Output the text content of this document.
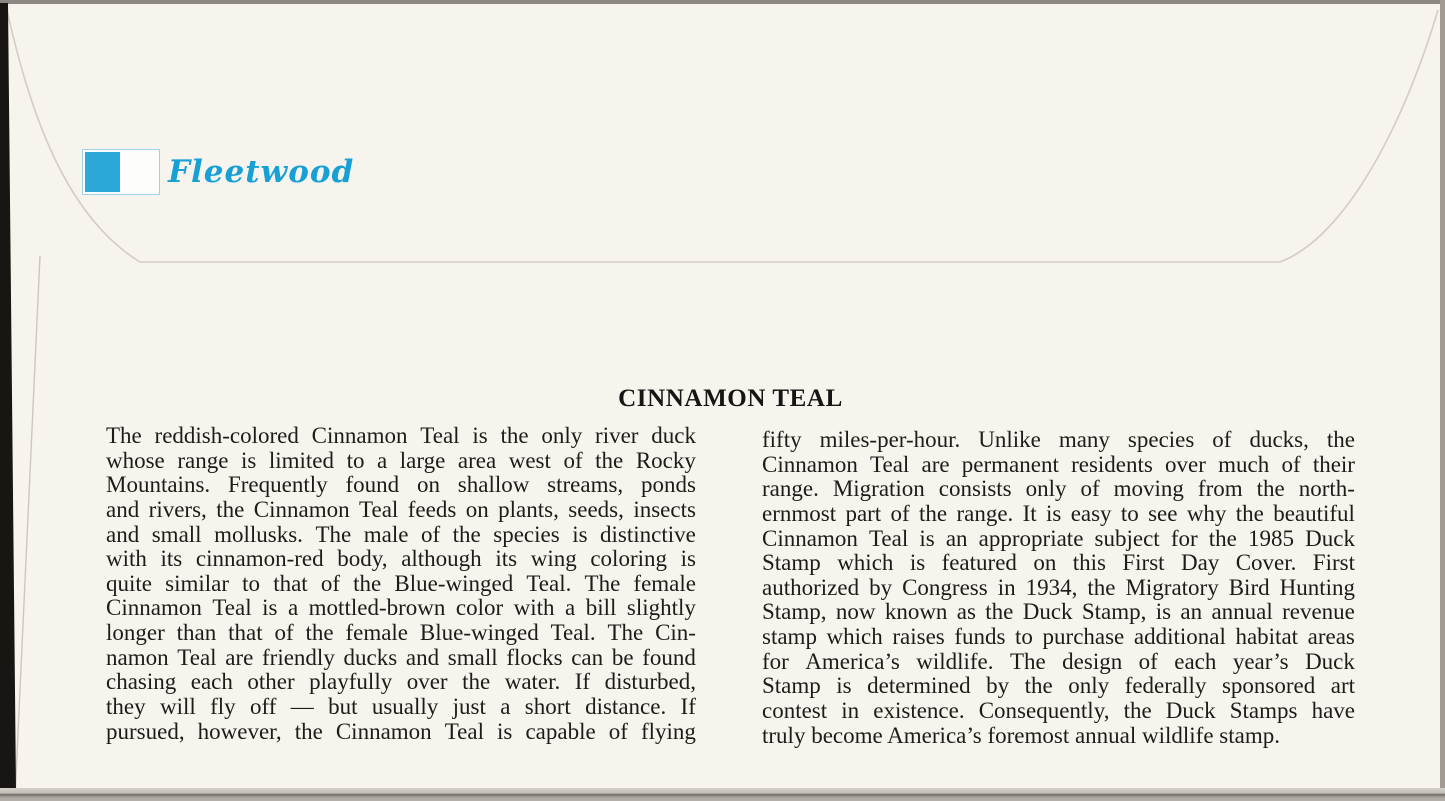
Fleetwood
CINNAMON TEAL
The reddish-colored Cinnamon Teal is the only river duck
whose range is limited to a large area west of the Rocky
Mountains. Frequently found on shallow streams, ponds
and rivers, the Cinnamon Teal feeds on plants, seeds, insects
and small mollusks. The male of the species is distinctive
with its cinnamon-red body, although its wing coloring is
quite similar to that of the Blue-winged Teal. The female
Cinnamon Teal is a mottled-brown color with a bill slightly
longer than that of the female Blue-winged Teal. The Cin-
namon Teal are friendly ducks and small flocks can be found
chasing each other playfully over the water. If disturbed,
they will fly off — but usually just a short distance. If
pursued, however, the Cinnamon Teal is capable of flying
fifty miles-per-hour. Unlike many species of ducks, the
Cinnamon Teal are permanent residents over much of their
range. Migration consists only of moving from the north-
ernmost part of the range. It is easy to see why the beautiful
Cinnamon Teal is an appropriate subject for the 1985 Duck
Stamp which is featured on this First Day Cover. First
authorized by Congress in 1934, the Migratory Bird Hunting
Stamp, now known as the Duck Stamp, is an annual revenue
stamp which raises funds to purchase additional habitat areas
for America’s wildlife. The design of each year’s Duck
Stamp is determined by the only federally sponsored art
contest in existence. Consequently, the Duck Stamps have
truly become America’s foremost annual wildlife stamp.
